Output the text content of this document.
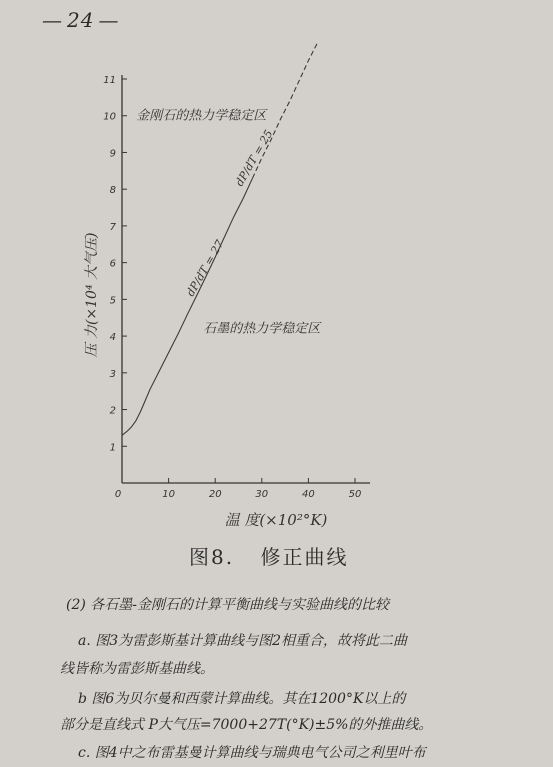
— 24 —
0	10	20	30	40	50
1
2
3
4
5
6
7
8
9
10
11
温 度(×10²°K)
压 力(×10⁴ 大气压)
金刚石的热力学稳定区
石墨的热力学稳定区
dP/dT = 27
dP/dT = 25
图8. 修正曲线
(2) 各石墨-金刚石的计算平衡曲线与实验曲线的比较
a. 图3为雷彭斯基计算曲线与图2相重合，故将此二曲
线皆称为雷彭斯基曲线。
b 图6为贝尔曼和西蒙计算曲线。其在1200°K以上的
部分是直线式 P大气压=7000+27T(°K)±5%的外推曲线。
c. 图4中之布雷基曼计算曲线与瑞典电气公司之利里叶布
